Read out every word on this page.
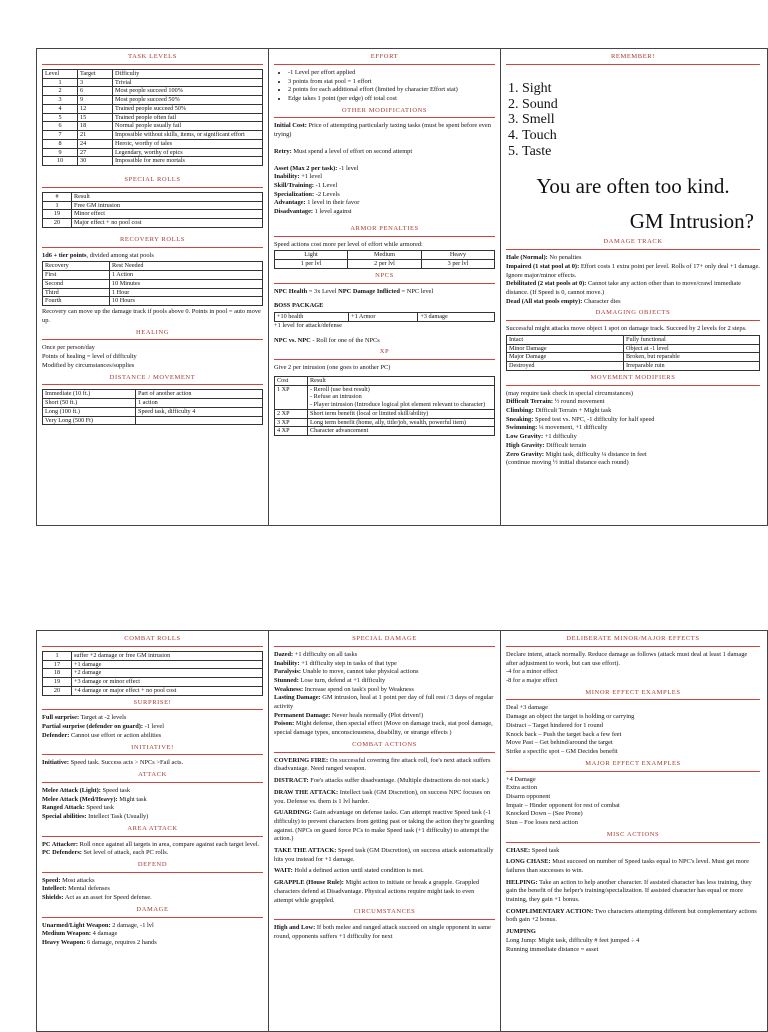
TASK LEVELS
Level	Target	Difficulty
1	3	Trivial
2	6	Most people succeed 100%
3	9	Most people succeed 50%
4	12	Trained people succeed 50%
5	15	Trained people often fail
6	18	Normal people usually fail
7	21	Impossible without skills, items, or significant effort
8	24	Heroic, worthy of tales
9	27	Legendary, worthy of epics
10	30	Impossible for mere mortals
SPECIAL ROLLS
#	Result
1	Free GM intrusion
19	Minor effect
20	Major effect + no pool cost
RECOVERY ROLLS
1d6 + tier points, divided among stat pools
Recovery	Rest Needed
First	1 Action
Second	10 Minutes
Third	1 Hour
Fourth	10 Hours
Recovery can move up the damage track if pools above 0. Points in pool = auto move up.
HEALING
Once per person/day
Points of healing = level of difficulty
Modified by circumstances/supplies
DISTANCE / MOVEMENT
Immediate (10 ft.)	Part of another action
Short (50 ft.)	1 action
Long (100 ft.)	Speed task, difficulty 4
Very Long (500 Ft)	
EFFORT
• -1 Level per effort applied
• 3 points from stat pool = 1 effort
• 2 points for each additional effort (limited by character Effort stat)
• Edge takes 1 point (per edge) off total cost
OTHER MODIFICATIONS
Initial Cost: Price of attempting particularly taxing tasks (must be spent before even trying)
Retry: Must spend a level of effort on second attempt
Asset (Max 2 per task): -1 level
Inability: +1 level
Skill/Training: -1 Level
Specialization: -2 Levels
Advantage: 1 level in their favor
Disadvantage: 1 level against
ARMOR PENALTIES
Speed actions cost more per level of effort while armored:
Light	Medium	Heavy
1 per lvl	2 per lvl	3 per lvl
NPCS
NPC Health = 3x Level NPC Damage Inflicted = NPC level
BOSS PACKAGE
+10 health	+1 Armor	+3 damage
+1 level for attack/defense
NPC vs. NPC - Roll for one of the NPCs
XP
Give 2 per intrusion (one goes to another PC)
Cost	Result
1 XP	- Reroll (use best result)
- Refuse an intrusion
- Player intrusion (Introduce logical plot element relevant to character)

2 XP	Short term benefit (local or limited skill/ability)

3 XP	Long term benefit (home, ally, title/job, wealth, powerful item)

4 XP	Character advancement
REMEMBER!
1. Sight
2. Sound
3. Smell
4. Touch
5. Taste
You are often too kind.
GM Intrusion?
DAMAGE TRACK
Hale (Normal): No penalties
Impaired (1 stat pool at 0): Effort costs 1 extra point per level. Rolls of 17+ only deal +1 damage. Ignore major/minor effects.
Debilitated (2 stat pools at 0): Cannot take any action other than to move/crawl immediate distance. (If Speed is 0, cannot move.)
Dead (All stat pools empty): Character dies
DAMAGING OBJECTS
Successful might attacks move object 1 spot on damage track. Succeed by 2 levels for 2 steps.
Intact	Fully functional
Minor Damage	Object at -1 level
Major Damage	Broken, but reparable
Destroyed	Irreparable ruin
MOVEMENT MODIFIERS
(may require task check in special circumstances)
Difficult Terrain: ½ round movement
Climbing: Difficult Terrain + Might task
Sneaking: Speed test vs. NPC, -1 difficulty for half speed
Swimming: ¼ movement, +1 difficulty
Low Gravity: +1 difficulty
High Gravity: Difficult terrain
Zero Gravity: Might task, difficulty ¼ distance in feet
(continue moving ½ initial distance each round)
COMBAT ROLLS
1	suffer +2 damage or free GM intrusion
17	+1 damage
18	+2 damage
19	+3 damage or minor effect
20	+4 damage or major effect + no pool cost
SURPRISE!
Full surprise: Target at -2 levels
Partial surprise (defender on guard): -1 level
Defender: Cannot use effort or action abilities
INITIATIVE!
Initiative: Speed task. Success acts > NPCs >Fail acts.
ATTACK
Melee Attack (Light): Speed task
Melee Attack (Med/Heavy): Might task
Ranged Attack: Speed task
Special abilities: Intellect Task (Usually)
AREA ATTACK
PC Attacker: Roll once against all targets in area, compare against each target level.
PC Defenders: Set level of attack, each PC rolls.
DEFEND
Speed: Most attacks
Intellect: Mental defenses
Shields: Act as an asset for Speed defense.
DAMAGE
Unarmed/Light Weapon: 2 damage, -1 lvl
Medium Weapon: 4 damage
Heavy Weapon: 6 damage, requires 2 hands
SPECIAL DAMAGE
Dazed: +1 difficulty on all tasks
Inability: +1 difficulty step in tasks of that type
Paralysis: Unable to move, cannot take physical actions
Stunned: Lose turn, defend at +1 difficulty
Weakness: Increase spend on task's pool by Weakness
Lasting Damage: GM intrusion, heal at 1 point per day of full rest / 3 days of regular activity
Permanent Damage: Never heals normally (Plot driven!)
Poison: Might defense, then special effect (Move on damage track, stat pool damage, special damage types, unconsciousness, disability, or strange effects )
COMBAT ACTIONS
COVERING FIRE: On successful covering fire attack roll, foe's next attack suffers disadvantage. Need ranged weapon.
DISTRACT: Foe's attacks suffer disadvantage. (Multiple distractions do not stack.)
DRAW THE ATTACK: Intellect task (GM Discretion), on success NPC focuses on you. Defense vs. them is 1 lvl harder.
GUARDING: Gain advantage on defense tasks. Can attempt reactive Speed task (-1 difficulty) to prevent characters from getting past or taking the action they're guarding against. (NPCs on guard force PCs to make Speed task (+1 difficulty) to attempt the action.)
TAKE THE ATTACK: Speed task (GM Discretion), on success attack automatically hits you instead for +1 damage.
WAIT: Hold a defined action until stated condition is met.
GRAPPLE (House Rule): Might action to initiate or break a grapple. Grappled characters defend at Disadvantage. Physical actions require might task to even attempt while grappled.
CIRCUMSTANCES
High and Low: If both melee and ranged attack succeed on single opponent in same round, opponents suffers +1 difficulty for next
DELIBERATE MINOR/MAJOR EFFECTS
Declare intent, attack normally. Reduce damage as follows (attack must deal at least 1 damage after adjustment to work, but can use effort).
-4 for a minor effect
-8 for a major effect
MINOR EFFECT EXAMPLES
Deal +3 damage
Damage an object the target is holding or carrying
Distract – Target hindered for 1 round
Knock back – Push the target back a few feet
Move Past – Get behind/around the target
Strike a specific spot – GM Decides benefit
MAJOR EFFECT EXAMPLES
+4 Damage
Extra action
Disarm opponent
Impair – Hinder opponent for rest of combat
Knocked Down – (See Prone)
Stun – Foe loses next action
MISC ACTIONS
CHASE: Speed task
LONG CHASE: Must succeed on number of Speed tasks equal to NPC's level. Must get more failures than successes to win.
HELPING: Take an action to help another character. If assisted character has less training, they gain the benefit of the helper's training/specialization. If assisted character has equal or more training, they gain +1 bonus.
COMPLIMENTARY ACTION: Two characters attempting different but complementary actions both gain +2 bonus.
JUMPING
Long Jump: Might task, difficulty # feet jumped ÷ 4
Running immediate distance = asset
